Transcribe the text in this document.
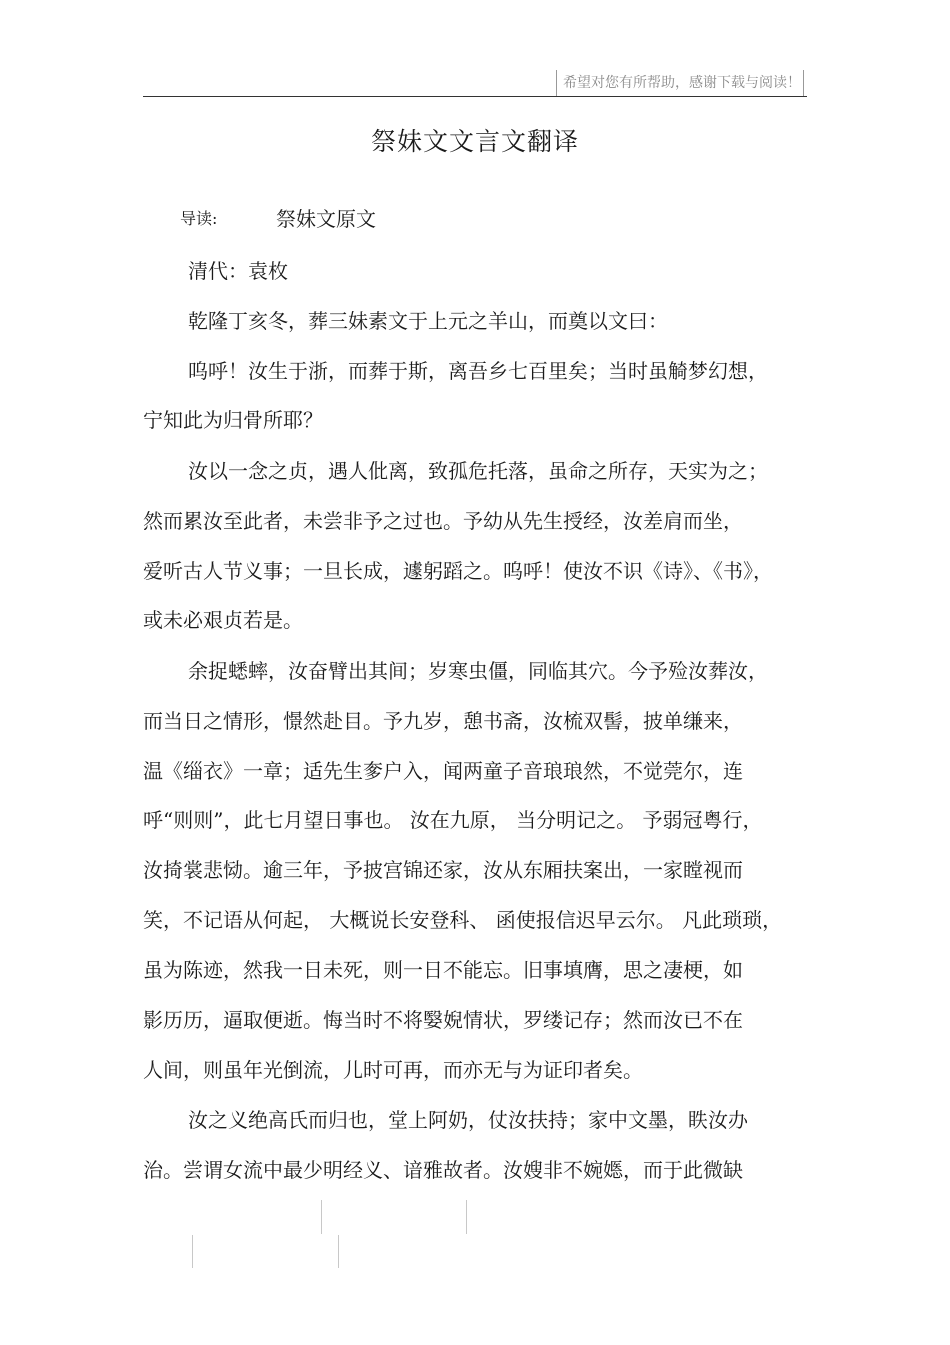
希望对您有所帮助，感谢下载与阅读！
祭妹文文言文翻译
导读:	祭妹文原文
清代：袁枚
乾隆丁亥冬，葬三妹素文于上元之羊山，而奠以文曰：
呜呼！汝生于浙，而葬于斯，离吾乡七百里矣；当时虽觭梦幻想，
宁知此为归骨所耶？
汝以一念之贞，遇人仳离，致孤危托落，虽命之所存，天实为之；
然而累汝至此者，未尝非予之过也。予幼从先生授经，汝差肩而坐，
爱听古人节义事；一旦长成，遽躬蹈之。呜呼！使汝不识《诗》、《书》，
或未必艰贞若是。
余捉蟋蟀，汝奋臂出其间；岁寒虫僵，同临其穴。今予殓汝葬汝，
而当日之情形，憬然赴目。予九岁，憩书斋，汝梳双髻，披单缣来，
温《缁衣》一章；适先生奓户入，闻两童子音琅琅然，不觉莞尔，连
呼“则则”，此七月望日事也。 汝在九原， 当分明记之。 予弱冠粤行，
汝掎裳悲恸。逾三年，予披宫锦还家，汝从东厢扶案出，一家瞠视而
笑，不记语从何起， 大概说长安登科、 函使报信迟早云尔。 凡此琐琐，
虽为陈迹，然我一日未死，则一日不能忘。旧事填膺，思之凄梗，如
影历历，逼取便逝。悔当时不将嫛婗情状，罗缕记存；然而汝已不在
人间，则虽年光倒流，儿时可再，而亦无与为证印者矣。
汝之义绝高氏而归也，堂上阿奶，仗汝扶持；家中文墨，眣汝办
治。尝谓女流中最少明经义、谙雅故者。汝嫂非不婉嫕，而于此微缺
